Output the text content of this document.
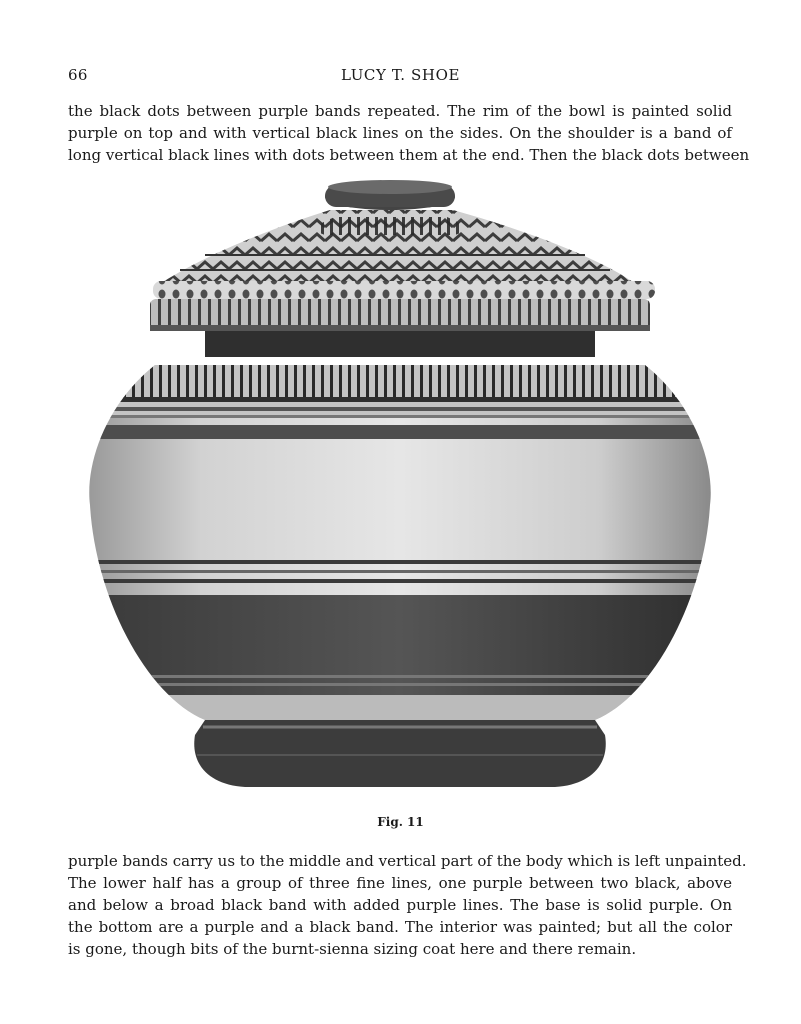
66	LUCY T. SHOE
the black dots between purple bands repeated. The rim of the bowl is painted solid
purple on top and with vertical black lines on the sides. On the shoulder is a band of
long vertical black lines with dots between them at the end. Then the black dots between
Fig. 11
purple bands carry us to the middle and vertical part of the body which is left unpainted.
The lower half has a group of three fine lines, one purple between two black, above
and below a broad black band with added purple lines. The base is solid purple. On
the bottom are a purple and a black band. The interior was painted; but all the color
is gone, though bits of the burnt-sienna sizing coat here and there remain.
